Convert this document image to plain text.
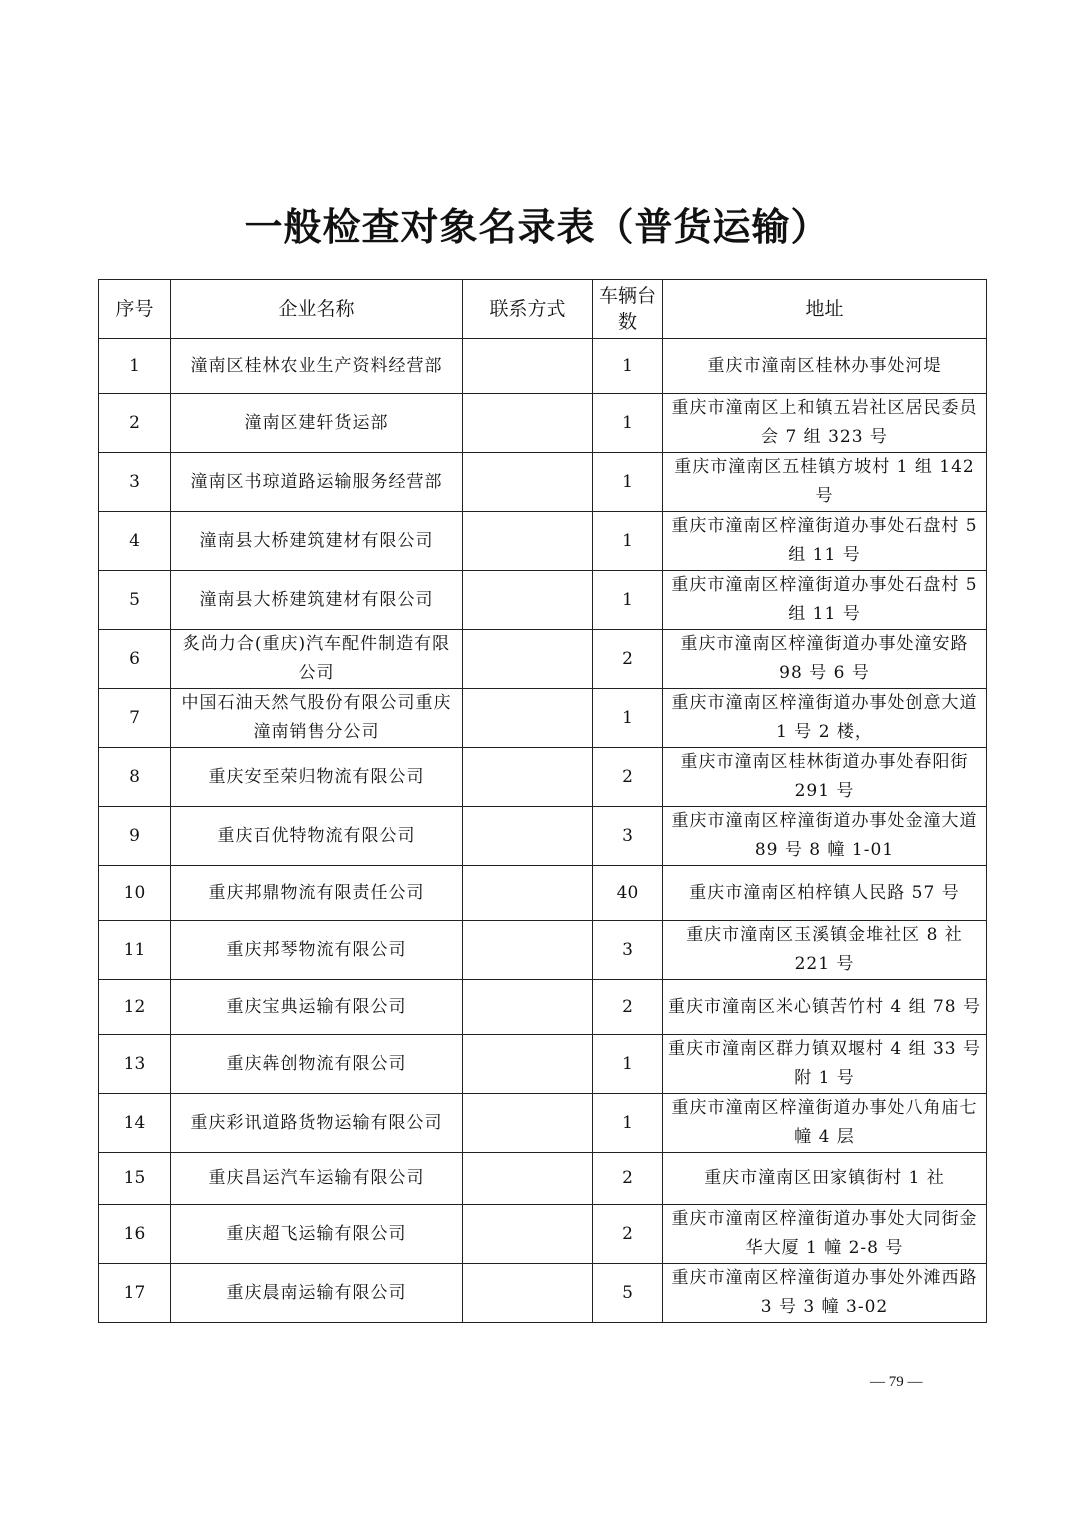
一般检查对象名录表（普货运输）
序号	企业名称	联系方式	车辆台数	地址
1	潼南区桂林农业生产资料经营部		1	重庆市潼南区桂林办事处河堤
2	潼南区建轩货运部		1	重庆市潼南区上和镇五岩社区居民委员会 7 组 323 号
3	潼南区书琼道路运输服务经营部		1	重庆市潼南区五桂镇方坡村 1 组 142 号
4	潼南县大桥建筑建材有限公司		1	重庆市潼南区梓潼街道办事处石盘村 5 组 11 号
5	潼南县大桥建筑建材有限公司		1	重庆市潼南区梓潼街道办事处石盘村 5 组 11 号
6	炙尚力合(重庆)汽车配件制造有限公司		2	重庆市潼南区梓潼街道办事处潼安路 98 号 6 号
7	中国石油天然气股份有限公司重庆潼南销售分公司		1	重庆市潼南区梓潼街道办事处创意大道 1 号 2 楼，
8	重庆安至荣归物流有限公司		2	重庆市潼南区桂林街道办事处春阳街 291 号
9	重庆百优特物流有限公司		3	重庆市潼南区梓潼街道办事处金潼大道 89 号 8 幢 1-01
10	重庆邦鼎物流有限责任公司		40	重庆市潼南区柏梓镇人民路 57 号
11	重庆邦琴物流有限公司		3	重庆市潼南区玉溪镇金堆社区 8 社 221 号
12	重庆宝典运输有限公司		2	重庆市潼南区米心镇苦竹村 4 组 78 号
13	重庆犇创物流有限公司		1	重庆市潼南区群力镇双堰村 4 组 33 号附 1 号
14	重庆彩讯道路货物运输有限公司		1	重庆市潼南区梓潼街道办事处八角庙七幢 4 层
15	重庆昌运汽车运输有限公司		2	重庆市潼南区田家镇街村 1 社
16	重庆超飞运输有限公司		2	重庆市潼南区梓潼街道办事处大同街金华大厦 1 幢 2-8 号
17	重庆晨南运输有限公司		5	重庆市潼南区梓潼街道办事处外滩西路 3 号 3 幢 3-02
— 79 —
